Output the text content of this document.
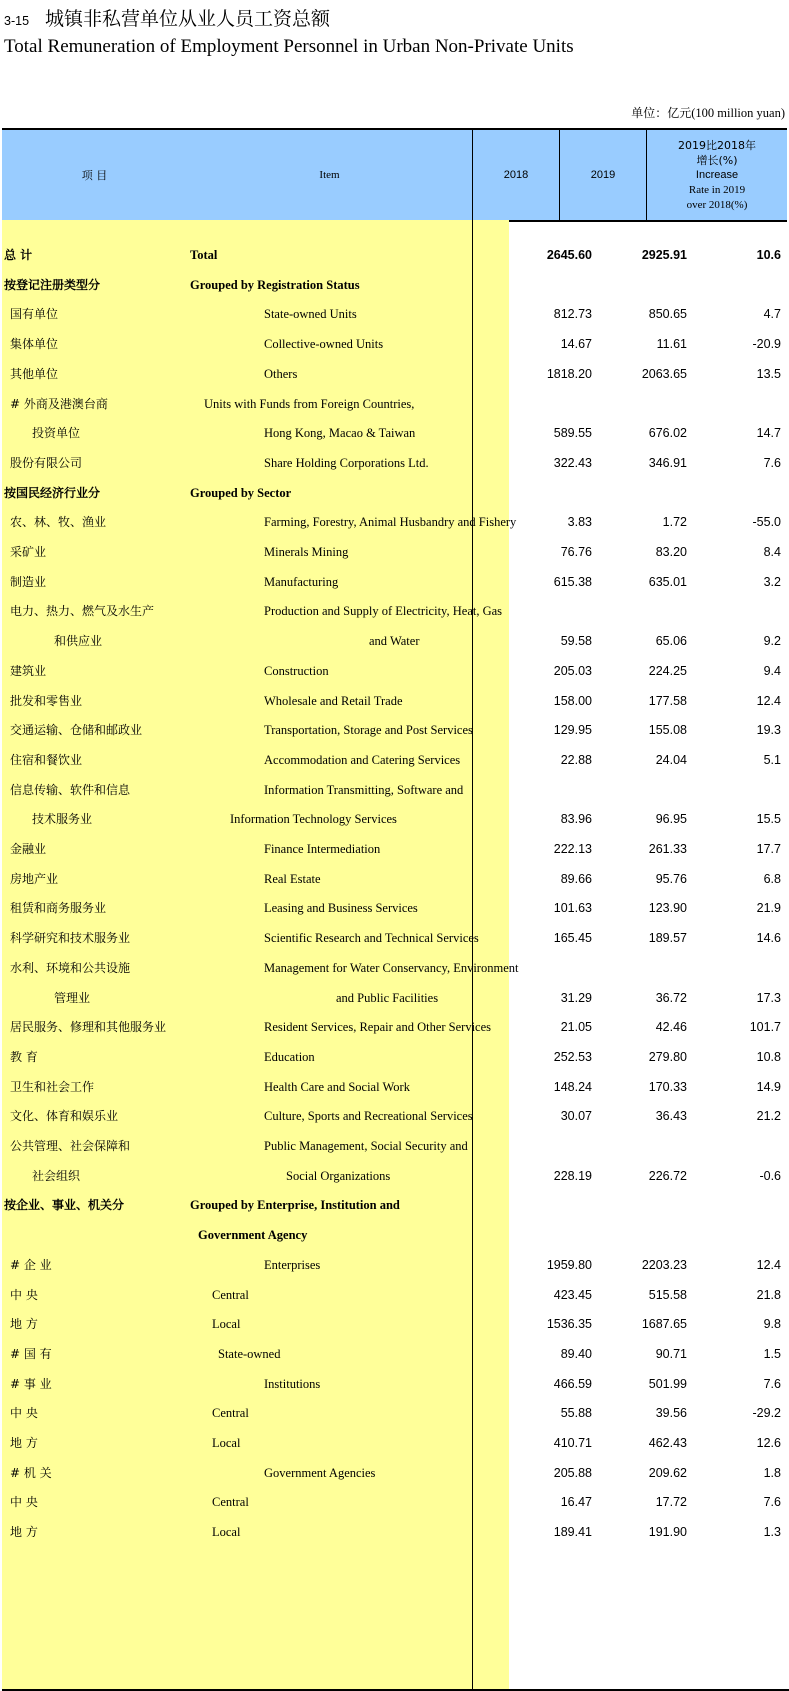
3-15 城镇非私营单位从业人员工资总额
Total Remuneration of Employment Personnel in Urban Non-Private Units
单位：亿元(100 million yuan)
项 目	Item	2018	2019
2019比2018年
增长(%)
Increase
Rate in 2019
over 2018(%)
总 计	Total	2645.60	2925.91	10.6
按登记注册类型分	Grouped by Registration Status
国有单位	State-owned Units	812.73	850.65	4.7
集体单位	Collective-owned Units	14.67	11.61	-20.9
其他单位	Others	1818.20	2063.65	13.5
# 外商及港澳台商	Units with Funds from Foreign Countries,
投资单位	Hong Kong, Macao & Taiwan	589.55	676.02	14.7
股份有限公司	Share Holding Corporations Ltd.	322.43	346.91	7.6
按国民经济行业分	Grouped by Sector
农、林、牧、渔业	Farming, Forestry, Animal Husbandry and Fishery	3.83	1.72	-55.0
采矿业	Minerals Mining	76.76	83.20	8.4
制造业	Manufacturing	615.38	635.01	3.2
电力、热力、燃气及水生产	Production and Supply of Electricity, Heat, Gas
和供应业	and Water	59.58	65.06	9.2
建筑业	Construction	205.03	224.25	9.4
批发和零售业	Wholesale and Retail Trade	158.00	177.58	12.4
交通运输、仓储和邮政业	Transportation, Storage and Post Services	129.95	155.08	19.3
住宿和餐饮业	Accommodation and Catering Services	22.88	24.04	5.1
信息传输、软件和信息	Information Transmitting, Software and
技术服务业	Information Technology Services	83.96	96.95	15.5
金融业	Finance Intermediation	222.13	261.33	17.7
房地产业	Real Estate	89.66	95.76	6.8
租赁和商务服务业	Leasing and Business Services	101.63	123.90	21.9
科学研究和技术服务业	Scientific Research and Technical Services	165.45	189.57	14.6
水利、环境和公共设施	Management for Water Conservancy, Environment
管理业	and Public Facilities	31.29	36.72	17.3
居民服务、修理和其他服务业	Resident Services, Repair and Other Services	21.05	42.46	101.7
教 育	Education	252.53	279.80	10.8
卫生和社会工作	Health Care and Social Work	148.24	170.33	14.9
文化、体育和娱乐业	Culture, Sports and Recreational Services	30.07	36.43	21.2
公共管理、社会保障和	Public Management, Social Security and
社会组织	Social Organizations	228.19	226.72	-0.6
按企业、事业、机关分	Grouped by Enterprise, Institution and
Government Agency
# 企 业	Enterprises	1959.80	2203.23	12.4
中 央	Central	423.45	515.58	21.8
地 方	Local	1536.35	1687.65	9.8
# 国 有	State-owned	89.40	90.71	1.5
# 事 业	Institutions	466.59	501.99	7.6
中 央	Central	55.88	39.56	-29.2
地 方	Local	410.71	462.43	12.6
# 机 关	Government Agencies	205.88	209.62	1.8
中 央	Central	16.47	17.72	7.6
地 方	Local	189.41	191.90	1.3
